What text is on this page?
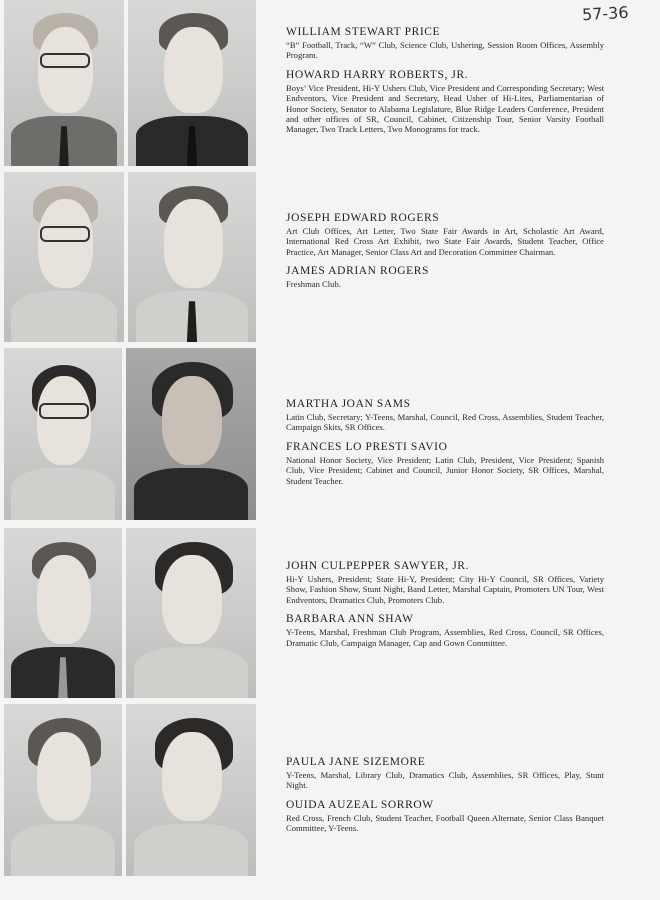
57-36

WILLIAM STEWART PRICE

“B” Football, Track, “W” Club, Science Club, Ushering, Session Room Offices, Assembly Program.

HOWARD HARRY ROBERTS, JR.

Boys’ Vice President, Hi-Y Ushers Club, Vice President and Corresponding Secretary; West Endventors, Vice President and Secretary, Head Usher of Hi-Lites, Parliamentarian of Honor Society, Senator to Alabama Legislature, Blue Ridge Leaders Conference, President and other offices of SR, Council, Cabinet, Citizenship Tour, Senior Varsity Football Manager, Two Track Letters, Two Monograms for track.

JOSEPH EDWARD ROGERS

Art Club Offices, Art Letter, Two State Fair Awards in Art, Scholastic Art Award, International Red Cross Art Exhibit, two State Fair Awards, Student Teacher, Office Practice, Art Manager, Senior Class Art and Decoration Committee Chairman.

JAMES ADRIAN ROGERS

Freshman Club.

MARTHA JOAN SAMS

Latin Club, Secretary; Y-Teens, Marshal, Council, Red Cross, Assemblies, Student Teacher, Campaign Skits, SR Offices.

FRANCES LO PRESTI SAVIO

National Honor Society, Vice President; Latin Club, President, Vice President; Spanish Club, Vice President; Cabinet and Council, Junior Honor Society, SR Offices, Marshal, Student Teacher.

JOHN CULPEPPER SAWYER, JR.

Hi-Y Ushers, President; State Hi-Y, President; City Hi-Y Council, SR Offices, Variety Show, Fashion Show, Stunt Night, Band Letter, Marshal Captain, Promoters UN Tour, West Endventors, Dramatics Club, Promoters Club.

BARBARA ANN SHAW

Y-Teens, Marshal, Freshman Club Program, Assemblies, Red Cross, Council, SR Offices, Dramatic Club, Campaign Manager, Cap and Gown Committee.

PAULA JANE SIZEMORE

Y-Teens, Marshal, Library Club, Dramatics Club, Assemblies, SR Offices, Play, Stunt Night.

OUIDA AUZEAL SORROW

Red Cross, French Club, Student Teacher, Football Queen Alternate, Senior Class Banquet Committee, Y-Teens.
